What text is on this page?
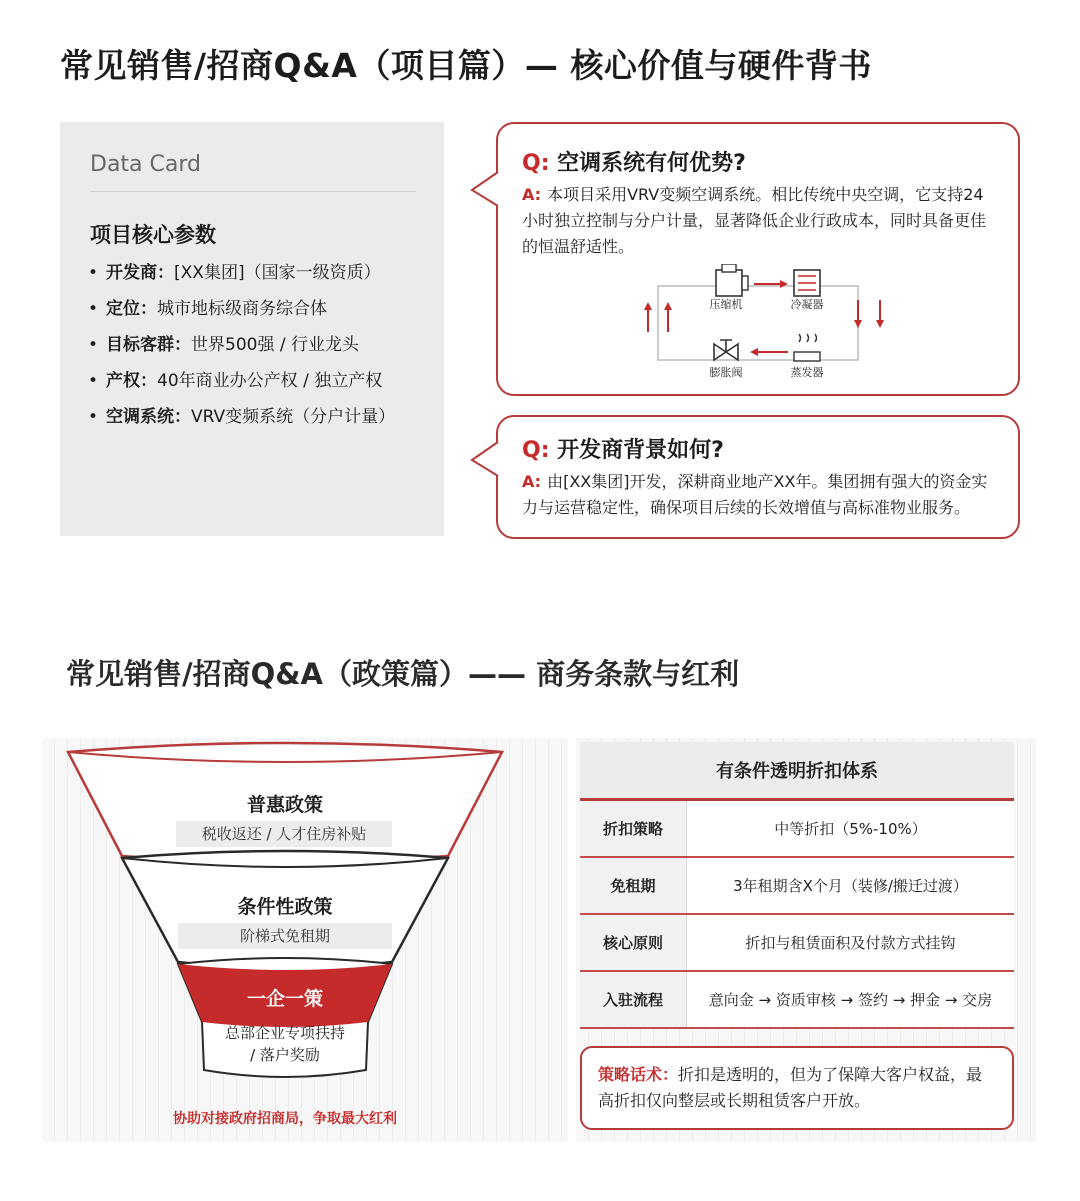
常见销售/招商Q&A（项目篇）— 核心价值与硬件背书
Data Card
项目核心参数
• 开发商：[XX集团]（国家一级资质）
• 定位：城市地标级商务综合体
• 目标客群：世界500强 / 行业龙头
• 产权：40年商业办公产权 / 独立产权
• 空调系统：VRV变频系统（分户计量）
Q: 空调系统有何优势?
A: 本项目采用VRV变频空调系统。相比传统中央空调，它支持24小时独立控制与分户计量，显著降低企业行政成本，同时具备更佳的恒温舒适性。
压缩机	冷凝器
膨胀阀	蒸发器
Q: 开发商背景如何?
A: 由[XX集团]开发，深耕商业地产XX年。集团拥有强大的资金实力与运营稳定性，确保项目后续的长效增值与高标准物业服务。
常见销售/招商Q&A（政策篇）—— 商务条款与红利
普惠政策
税收返还 / 人才住房补贴
条件性政策
阶梯式免租期
一企一策
总部企业专项扶持
/ 落户奖励
协助对接政府招商局，争取最大红利
有条件透明折扣体系	
折扣策略	中等折扣（5%-10%）
免租期	3年租期含X个月（装修/搬迁过渡）
核心原则	折扣与租赁面积及付款方式挂钩
入驻流程	意向金 → 资质审核 → 签约 → 押金 → 交房

策略话术：折扣是透明的，但为了保障大客户权益，最高折扣仅向整层或长期租赁客户开放。
